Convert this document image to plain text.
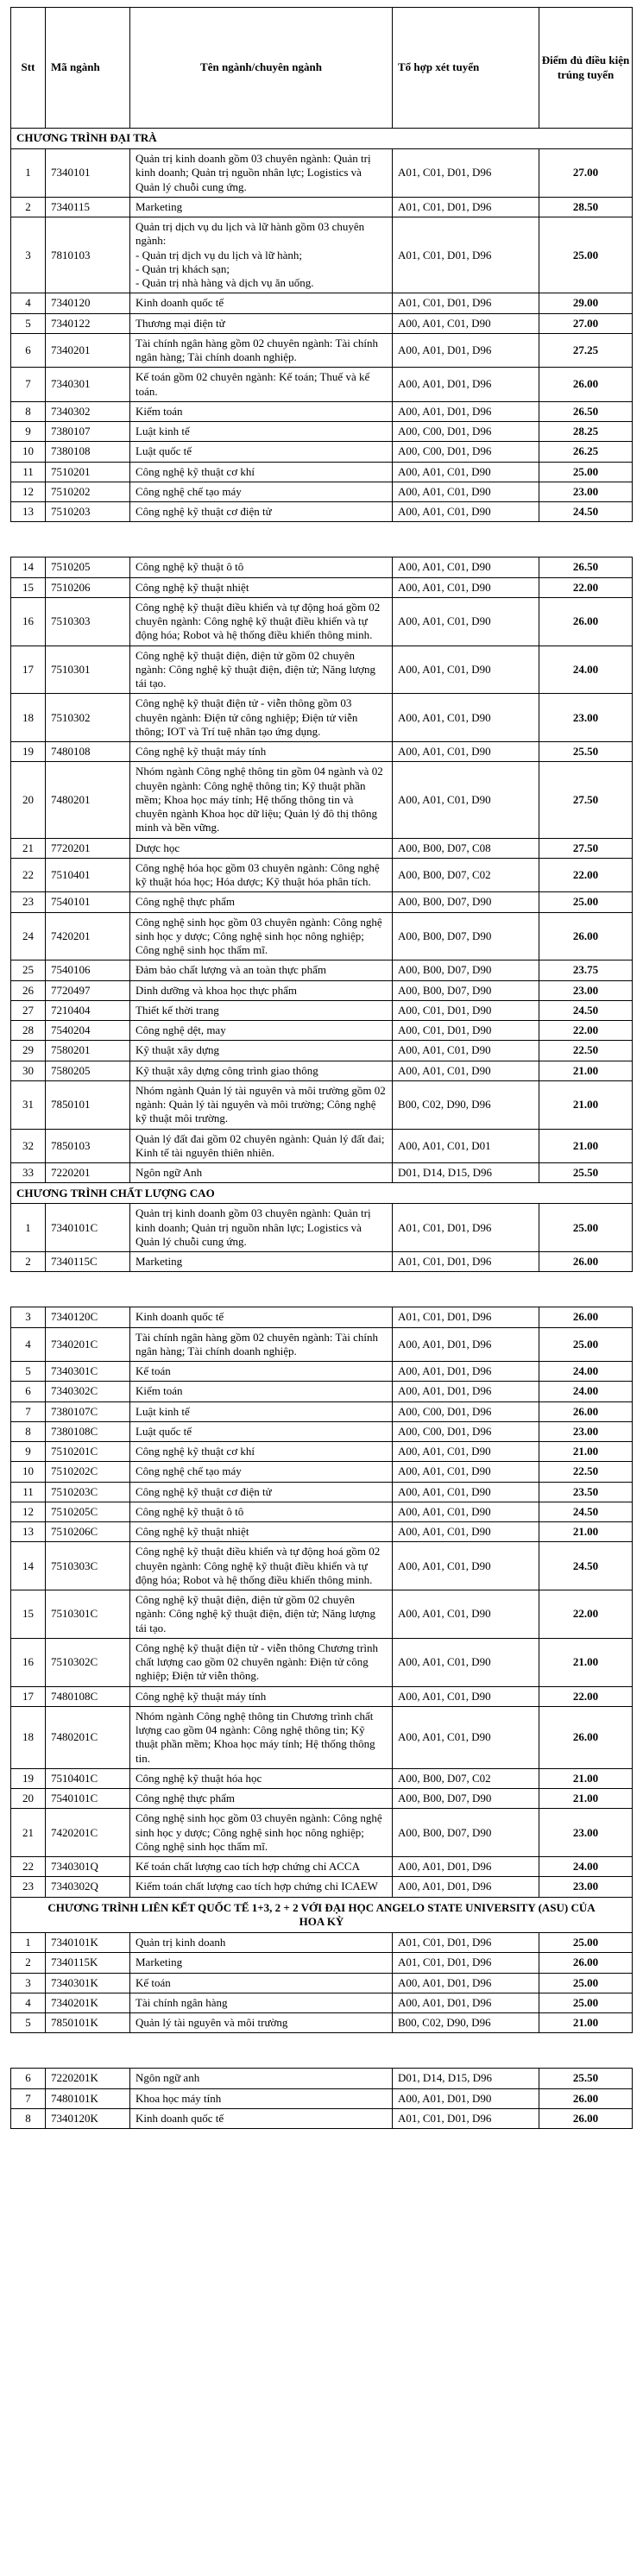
Stt	Mã ngành	Tên ngành/chuyên ngành	Tổ hợp xét tuyển	Điểm đủ điều kiện trúng tuyển
CHƯƠNG TRÌNH ĐẠI TRÀ				
1	7340101	Quản trị kinh doanh gồm 03 chuyên ngành: Quản trị kinh doanh; Quản trị nguồn nhân lực; Logistics và Quản lý chuỗi cung ứng.	A01, C01, D01, D96	27.00
2	7340115	Marketing	A01, C01, D01, D96	28.50
3	7810103	Quản trị dịch vụ du lịch và lữ hành gồm 03 chuyên ngành:
- Quản trị dịch vụ du lịch và lữ hành;
- Quản trị khách sạn;
- Quản trị nhà hàng và dịch vụ ăn uống.	A01, C01, D01, D96	25.00
4	7340120	Kinh doanh quốc tế	A01, C01, D01, D96	29.00
5	7340122	Thương mại điện tử	A00, A01, C01, D90	27.00
6	7340201	Tài chính ngân hàng gồm 02 chuyên ngành: Tài chính ngân hàng; Tài chính doanh nghiệp.	A00, A01, D01, D96	27.25
7	7340301	Kế toán gồm 02 chuyên ngành: Kế toán; Thuế và kế toán.	A00, A01, D01, D96	26.00
8	7340302	Kiểm toán	A00, A01, D01, D96	26.50
9	7380107	Luật kinh tế	A00, C00, D01, D96	28.25
10	7380108	Luật quốc tế	A00, C00, D01, D96	26.25
11	7510201	Công nghệ kỹ thuật cơ khí	A00, A01, C01, D90	25.00
12	7510202	Công nghệ chế tạo máy	A00, A01, C01, D90	23.00
13	7510203	Công nghệ kỹ thuật cơ điện tử	A00, A01, C01, D90	24.50
14	7510205	Công nghệ kỹ thuật ô tô	A00, A01, C01, D90	26.50
15	7510206	Công nghệ kỹ thuật nhiệt	A00, A01, C01, D90	22.00
16	7510303	Công nghệ kỹ thuật điều khiển và tự động hoá gồm 02 chuyên ngành: Công nghệ kỹ thuật điều khiển và tự động hóa; Robot và hệ thống điều khiển thông minh.	A00, A01, C01, D90	26.00
17	7510301	Công nghệ kỹ thuật điện, điện tử gồm 02 chuyên ngành: Công nghệ kỹ thuật điện, điện tử; Năng lượng tái tạo.	A00, A01, C01, D90	24.00
18	7510302	Công nghệ kỹ thuật điện tử - viễn thông gồm 03 chuyên ngành: Điện tử công nghiệp; Điện tử viễn thông; IOT và Trí tuệ nhân tạo ứng dụng.	A00, A01, C01, D90	23.00
19	7480108	Công nghệ kỹ thuật máy tính	A00, A01, C01, D90	25.50
20	7480201	Nhóm ngành Công nghệ thông tin gồm 04 ngành và 02 chuyên ngành: Công nghệ thông tin; Kỹ thuật phần mềm; Khoa học máy tính; Hệ thống thông tin và chuyên ngành Khoa học dữ liệu; Quản lý đô thị thông minh và bền vững.	A00, A01, C01, D90	27.50
21	7720201	Dược học	A00, B00, D07, C08	27.50
22	7510401	Công nghệ hóa học gồm 03 chuyên ngành: Công nghệ kỹ thuật hóa học; Hóa dược; Kỹ thuật hóa phân tích.	A00, B00, D07, C02	22.00
23	7540101	Công nghệ thực phẩm	A00, B00, D07, D90	25.00
24	7420201	Công nghệ sinh học gồm 03 chuyên ngành: Công nghệ sinh học y dược; Công nghệ sinh học nông nghiệp; Công nghệ sinh học thẩm mĩ.	A00, B00, D07, D90	26.00
25	7540106	Đảm bảo chất lượng và an toàn thực phẩm	A00, B00, D07, D90	23.75
26	7720497	Dinh dưỡng và khoa học thực phẩm	A00, B00, D07, D90	23.00
27	7210404	Thiết kế thời trang	A00, C01, D01, D90	24.50
28	7540204	Công nghệ dệt, may	A00, C01, D01, D90	22.00
29	7580201	Kỹ thuật xây dựng	A00, A01, C01, D90	22.50
30	7580205	Kỹ thuật xây dựng công trình giao thông	A00, A01, C01, D90	21.00
31	7850101	Nhóm ngành Quản lý tài nguyên và môi trường gồm 02 ngành: Quản lý tài nguyên và môi trường; Công nghệ kỹ thuật môi trường.	B00, C02, D90, D96	21.00
32	7850103	Quản lý đất đai gồm 02 chuyên ngành: Quản lý đất đai; Kinh tế tài nguyên thiên nhiên.	A00, A01, C01, D01	21.00
33	7220201	Ngôn ngữ Anh	D01, D14, D15, D96	25.50
CHƯƠNG TRÌNH CHẤT LƯỢNG CAO				
1	7340101C	Quản trị kinh doanh gồm 03 chuyên ngành: Quản trị kinh doanh; Quản trị nguồn nhân lực; Logistics và Quản lý chuỗi cung ứng.	A01, C01, D01, D96	25.00
2	7340115C	Marketing	A01, C01, D01, D96	26.00
3	7340120C	Kinh doanh quốc tế	A01, C01, D01, D96	26.00
4	7340201C	Tài chính ngân hàng gồm 02 chuyên ngành: Tài chính ngân hàng; Tài chính doanh nghiệp.	A00, A01, D01, D96	25.00
5	7340301C	Kế toán	A00, A01, D01, D96	24.00
6	7340302C	Kiểm toán	A00, A01, D01, D96	24.00
7	7380107C	Luật kinh tế	A00, C00, D01, D96	26.00
8	7380108C	Luật quốc tế	A00, C00, D01, D96	23.00
9	7510201C	Công nghệ kỹ thuật cơ khí	A00, A01, C01, D90	21.00
10	7510202C	Công nghệ chế tạo máy	A00, A01, C01, D90	22.50
11	7510203C	Công nghệ kỹ thuật cơ điện tử	A00, A01, C01, D90	23.50
12	7510205C	Công nghệ kỹ thuật ô tô	A00, A01, C01, D90	24.50
13	7510206C	Công nghệ kỹ thuật nhiệt	A00, A01, C01, D90	21.00
14	7510303C	Công nghệ kỹ thuật điều khiển và tự động hoá gồm 02 chuyên ngành: Công nghệ kỹ thuật điều khiển và tự động hóa; Robot và hệ thống điều khiển thông minh.	A00, A01, C01, D90	24.50
15	7510301C	Công nghệ kỹ thuật điện, điện tử gồm 02 chuyên ngành: Công nghệ kỹ thuật điện, điện tử; Năng lượng tái tạo.	A00, A01, C01, D90	22.00
16	7510302C	Công nghệ kỹ thuật điện tử - viễn thông Chương trình chất lượng cao gồm 02 chuyên ngành: Điện tử công nghiệp; Điện tử viễn thông.	A00, A01, C01, D90	21.00
17	7480108C	Công nghệ kỹ thuật máy tính	A00, A01, C01, D90	22.00
18	7480201C	Nhóm ngành Công nghệ thông tin Chương trình chất lượng cao gồm 04 ngành: Công nghệ thông tin; Kỹ thuật phần mềm; Khoa học máy tính; Hệ thống thông tin.	A00, A01, C01, D90	26.00
19	7510401C	Công nghệ kỹ thuật hóa học	A00, B00, D07, C02	21.00
20	7540101C	Công nghệ thực phẩm	A00, B00, D07, D90	21.00
21	7420201C	Công nghệ sinh học gồm 03 chuyên ngành: Công nghệ sinh học y dược; Công nghệ sinh học nông nghiệp; Công nghệ sinh học thẩm mĩ.	A00, B00, D07, D90	23.00
22	7340301Q	Kế toán chất lượng cao tích hợp chứng chỉ ACCA	A00, A01, D01, D96	24.00
23	7340302Q	Kiểm toán chất lượng cao tích hợp chứng chỉ ICAEW	A00, A01, D01, D96	23.00
CHƯƠNG TRÌNH LIÊN KẾT QUỐC TẾ 1+3, 2 + 2 VỚI ĐẠI HỌC ANGELO STATE UNIVERSITY (ASU) CỦA HOA KỲ				
1	7340101K	Quản trị kinh doanh	A01, C01, D01, D96	25.00
2	7340115K	Marketing	A01, C01, D01, D96	26.00
3	7340301K	Kế toán	A00, A01, D01, D96	25.00
4	7340201K	Tài chính ngân hàng	A00, A01, D01, D96	25.00
5	7850101K	Quản lý tài nguyên và môi trường	B00, C02, D90, D96	21.00
6	7220201K	Ngôn ngữ anh	D01, D14, D15, D96	25.50
7	7480101K	Khoa học máy tính	A00, A01, D01, D90	26.00
8	7340120K	Kinh doanh quốc tế	A01, C01, D01, D96	26.00
